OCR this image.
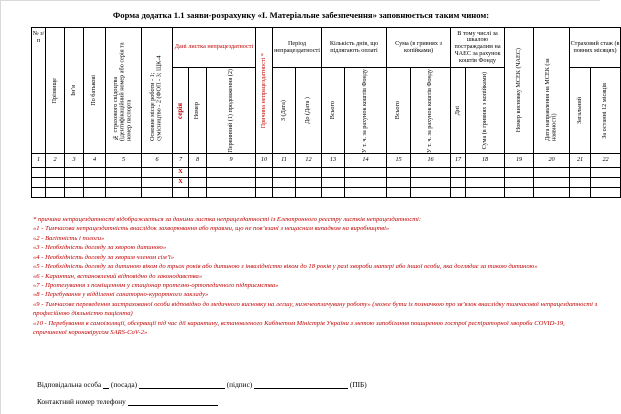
Форма додатка 1.1 заяви-розрахунку «І. Матеріальне забезпечення» заповнюється таким чином:
№ з/п	Прізвище	Ім’я	По батькові	№ страхового свідоцтва (ідентифікаційний номер або серія та номер паспорта	Основне місце роботи - 1; сумісництво - 2 (ФОП - 3; ЩК-4	Дані листка непрацездатності			Причина непрацездатності *	Період непрацездатності		Кількість днів, що підлягають оплаті		Сума (в гривнях з копійками)		В тому числі за шкалою постраждалим на ЧАЕС за рахунок коштів Фонду		Номер висновку МСЕК (ЧАЕС)	Дата направлення на МСЕК (за наявності)	Страховий стаж (в повних місяцях)	

						серія	Номер	Первинний (1) продовження (2)		З (Дата)	До (Дата )	Всього	У т. ч. за рахунок коштів Фонду	Всього	У т. ч. за рахунок коштів Фонду	Дні	Сума (в гривнях з копійками)			Загальний	За останні 12 місяців

1	2	3	4	5	6	7	8	9	10	11	12	13	14	15	16	17	18	19	20	21	22
						X															
						X															

* причина непрацездатності відображається за даними листка непрацездатності із Електронного реєстру листків непрацездатності:
«1 - Тимчасова непрацездатність внаслідок захворювання або травми, що не пов’язані з нещасним випадком на виробництві»
«2 - Вагітність і пологи»
«3 - Необхідність догляду за хворою дитиною»
«4 - Необхідність догляду за хворим членом сім’ї»
«5 - Необхідність догляду за дитиною віком до трьох років або дитиною з інвалідністю віком до 18 років у разі хвороби матері або іншої особи, яка доглядає за такою дитиною»
«6 - Карантин, встановлений відповідно до законодавства»
«7 - Протезування з поміщенням у стаціонар протезно-ортопедичного підприємства»
«8 - Перебування у відділенні санаторно-курортного закладу»
«9 - Тимчасове переведення застрахованої особи відповідно до медичного висновку на легшу, нижчеоплачувану роботу» (може бути із позначкою про зв’язок внаслідку тимчасової непрацездатності з професійною діяльністю пацієнта)
«10 - Перебування в самоізоляції, обсервації під час дії карантину, встановленого Кабінетом Міністрів України з метою запобігання поширенню гострої респіраторної хвороби COVID-19, спричиненої коронавірусом SARS-CoV-2»
Відповідальна особа (посада)	(підпис)	(ПІБ)
Контактний номер телефону
